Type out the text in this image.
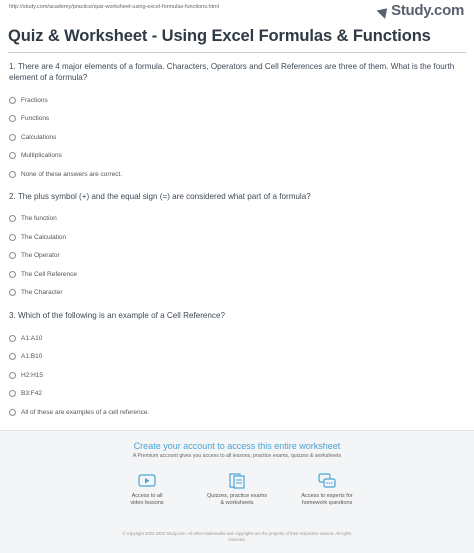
http://study.com/academy/practice/quiz-worksheet-using-excel-formulas-functions.html	Study.com
Quiz & Worksheet - Using Excel Formulas & Functions

1. There are 4 major elements of a formula. Characters, Operators and Cell References are three of them. What is the fourth element of a formula?

Fractions
Functions
Calculations
Multiplications
None of these answers are correct.

2. The plus symbol (+) and the equal sign (=) are considered what part of a formula?

The function
The Calculation
The Operator
The Cell Reference
The Character

3. Which of the following is an example of a Cell Reference?

A1:A10
A1:B10
H2:H15
B3:F42
All of these are examples of a cell reference.
Create your account to access this entire worksheet
A Premium account gives you access to all lessons, practice exams, quizzes & worksheets
Access to all
video lessons
Quizzes, practice exams
& worksheets
Access to experts for
homework questions
© copyright 2003-2020 Study.com. All other trademarks and copyrights are the property of their respective owners. All rights
reserved.
